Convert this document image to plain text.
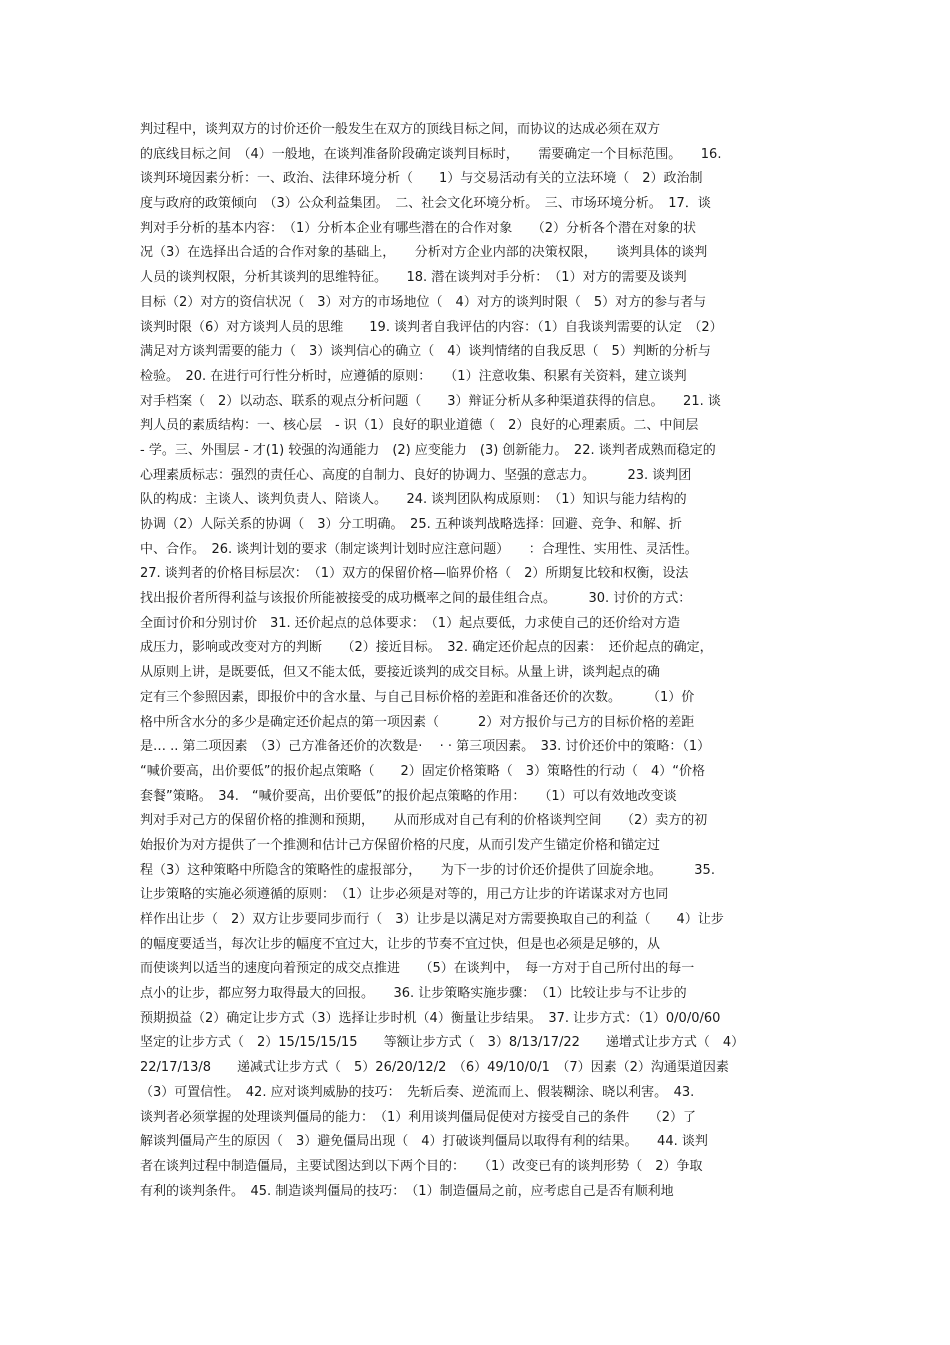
判过程中，谈判双方的讨价还价一般发生在双方的顶线目标之间，而协议的达成必须在双方
的底线目标之间　（4）一般地，在谈判准备阶段确定谈判目标时，　　需要确定一个目标范围。　　16.
谈判环境因素分析：一、政治、法律环境分析（　　1）与交易活动有关的立法环境（　2）政治制
度与政府的政策倾向　（3）公众利益集团。　二、社会文化环境分析。　三、市场环境分析。　17．谈
判对手分析的基本内容：　（1）分析本企业有哪些潜在的合作对象　　（2）分析各个潜在对象的状
况（3）在选择出合适的合作对象的基础上，　　分析对方企业内部的决策权限，　　谈判具体的谈判
人员的谈判权限，分析其谈判的思维特征。　　18. 潜在谈判对手分析：　（1）对方的需要及谈判
目标（2）对方的资信状况（　3）对方的市场地位（　4）对方的谈判时限（　5）对方的参与者与
谈判时限（6）对方谈判人员的思维　　19. 谈判者自我评估的内容：（1）自我谈判需要的认定　（2）
满足对方谈判需要的能力（　3）谈判信心的确立（　4）谈判情绪的自我反思（　5）判断的分析与
检验。　20. 在进行可行性分析时，应遵循的原则：　　（1）注意收集、积累有关资料，建立谈判
对手档案（　2）以动态、联系的观点分析问题（　　3）辩证分析从多种渠道获得的信息。　　21. 谈
判人员的素质结构：一、核心层　- 识（1）良好的职业道德（　2）良好的心理素质。二、中间层
- 学。三、外围层 - 才(1) 较强的沟通能力　(2) 应变能力　(3) 创新能力。　22. 谈判者成熟而稳定的
心理素质标志：强烈的责任心、高度的自制力、良好的协调力、坚强的意志力。　　　23. 谈判团
队的构成：主谈人、谈判负责人、陪谈人。　　24. 谈判团队构成原则：　（1）知识与能力结构的
协调（2）人际关系的协调（　3）分工明确。　25. 五种谈判战略选择：回避、竞争、和解、折
中、合作。　26. 谈判计划的要求（制定谈判计划时应注意问题）　　：合理性、实用性、灵活性。
27. 谈判者的价格目标层次：　（1）双方的保留价格—临界价格（　2）所期复比较和权衡，设法
找出报价者所得利益与该报价所能被接受的成功概率之间的最佳组合点。　　　30. 讨价的方式：
全面讨价和分别讨价　31. 还价起点的总体要求：　（1）起点要低，力求使自己的还价给对方造
成压力，影响或改变对方的判断　　（2）接近目标。　32. 确定还价起点的因素：　还价起点的确定，
从原则上讲，是既要低，但又不能太低，要接近谈判的成交目标。从量上讲，谈判起点的确
定有三个参照因素，即报价中的含水量、与自己目标价格的差距和准备还价的次数。　　　（1）价
格中所含水分的多少是确定还价起点的第一项因素（　　　2）对方报价与己方的目标价格的差距
是… .. 第二项因素　（3）己方准备还价的次数是·　 · · 第三项因素。　33. 讨价还价中的策略：（1）
“喊价要高，出价要低”的报价起点策略（　　2）固定价格策略（　3）策略性的行动（　4）“价格
套餐”策略。　34.　“喊价要高，出价要低”的报价起点策略的作用：　　（1）可以有效地改变谈
判对手对己方的保留价格的推测和预期，　　从而形成对自己有利的价格谈判空间　　（2）卖方的初
始报价为对方提供了一个推测和估计己方保留价格的尺度，从而引发产生锚定价格和锚定过
程（3）这种策略中所隐含的策略性的虚报部分，　　为下一步的讨价还价提供了回旋余地。　　　35.
让步策略的实施必须遵循的原则：　（1）让步必须是对等的，用己方让步的许诺谋求对方也同
样作出让步（　2）双方让步要同步而行（　3）让步是以满足对方需要换取自己的利益（　　4）让步
的幅度要适当，每次让步的幅度不宜过大，让步的节奏不宜过快，但是也必须是足够的，从
而使谈判以适当的速度向着预定的成交点推进　　（5）在谈判中，　每一方对于自己所付出的每一
点小的让步，都应努力取得最大的回报。　　36. 让步策略实施步骤：　（1）比较让步与不让步的
预期损益（2）确定让步方式（3）选择让步时机（4）衡量让步结果。　37. 让步方式：（1）0/0/0/60
坚定的让步方式（　2）15/15/15/15　　等额让步方式（　3）8/13/17/22　　递增式让步方式（　4）
22/17/13/8　　递减式让步方式（　5）26/20/12/2　（6）49/10/0/1　（7）因素（2）沟通渠道因素
（3）可置信性。　42. 应对谈判威胁的技巧：　先斩后奏、逆流而上、假装糊涂、晓以利害。　43.
谈判者必须掌握的处理谈判僵局的能力：　（1）利用谈判僵局促使对方接受自己的条件　　（2）了
解谈判僵局产生的原因（　3）避免僵局出现（　4）打破谈判僵局以取得有利的结果。　　44. 谈判
者在谈判过程中制造僵局，主要试图达到以下两个目的：　　（1）改变已有的谈判形势（　2）争取
有利的谈判条件。　45. 制造谈判僵局的技巧：　（1）制造僵局之前，应考虑自己是否有顺利地
